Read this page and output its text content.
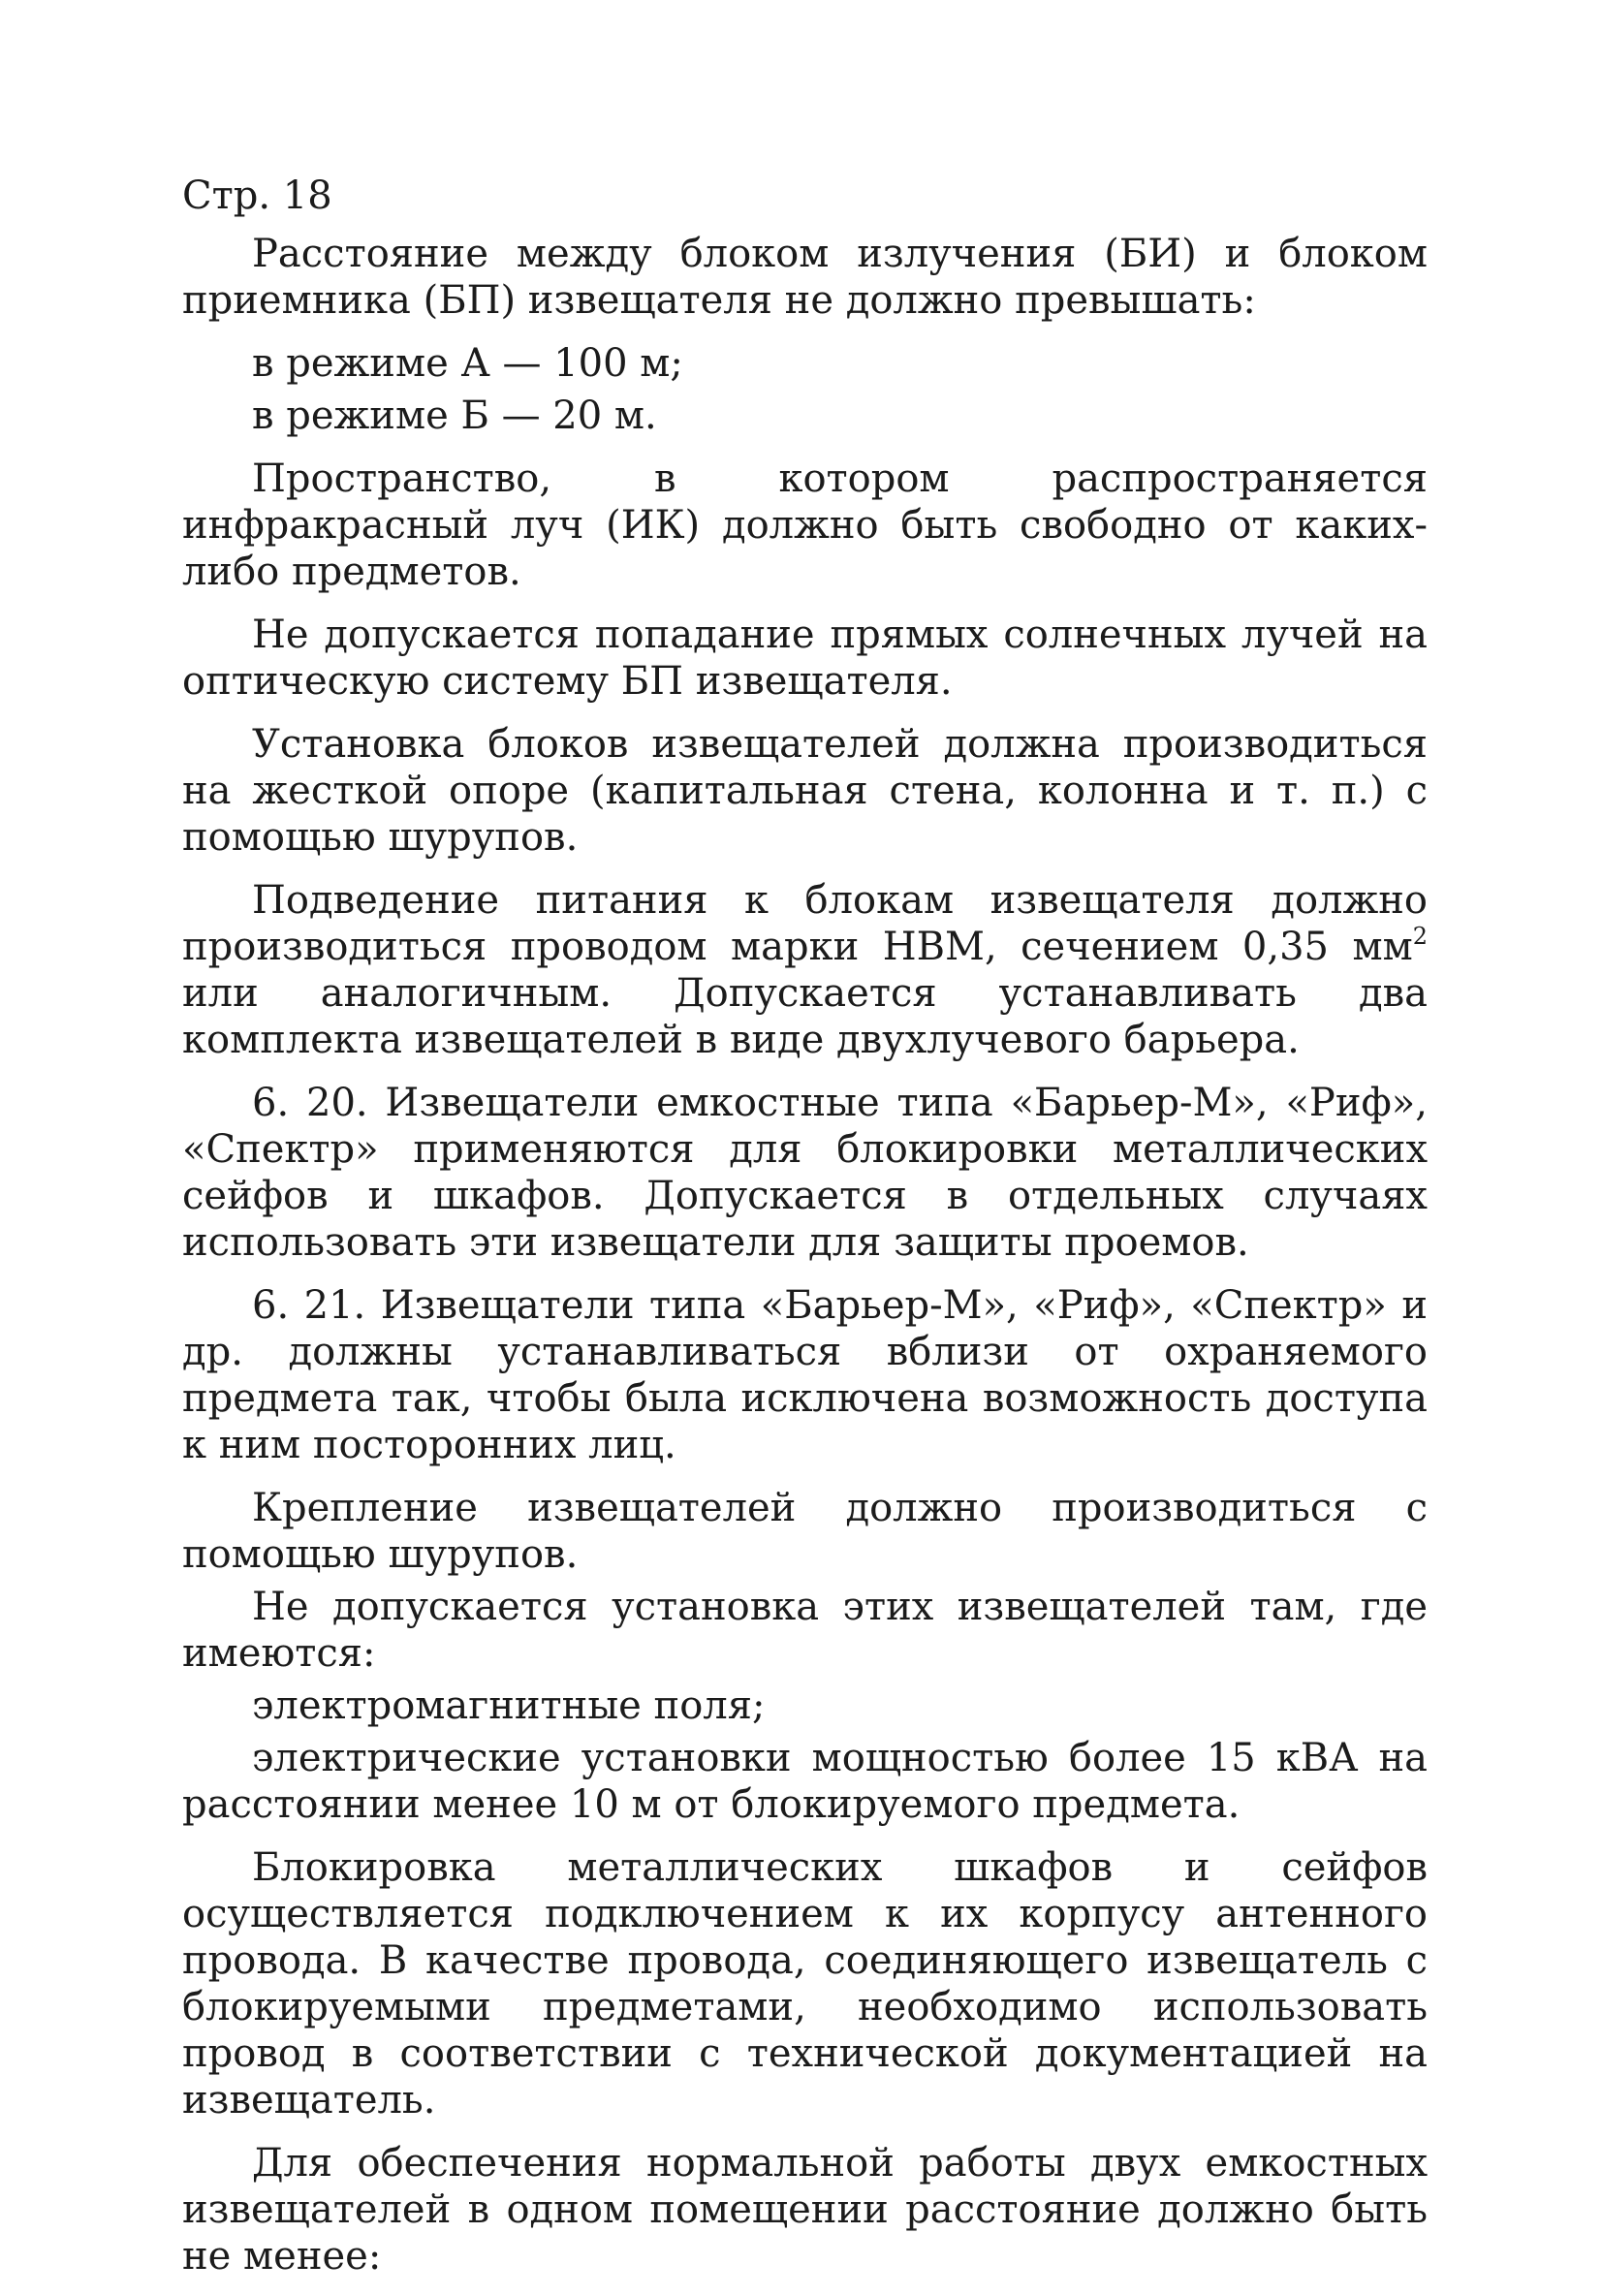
Стр. 18

Расстояние между блоком излучения (БИ) и блоком приемника (БП) извещателя не должно превышать:

в режиме А — 100 м;

в режиме Б — 20 м.

Пространство, в котором распространяется инфракрасный луч (ИК) должно быть свободно от каких-либо предметов.

Не допускается попадание прямых солнечных лучей на оптическую систему БП извещателя.

Установка блоков извещателей должна производиться на жесткой опоре (капитальная стена, колонна и т. п.) с помощью шурупов.

Подведение питания к блокам извещателя должно производиться проводом марки НВМ, сечением 0,35 $мм^2$ или аналогичным. Допускается устанавливать два комплекта извещателей в виде двухлучевого барьера.

6. 20. Извещатели емкостные типа «Барьер-М», «Риф», «Спектр» применяются для блокировки металлических сейфов и шкафов. Допускается в отдельных случаях использовать эти извещатели для защиты проемов.

6. 21. Извещатели типа «Барьер-М», «Риф», «Спектр» и др. должны устанавливаться вблизи от охраняемого предмета так, чтобы была исключена возможность доступа к ним посторонних лиц.

Крепление извещателей должно производиться с помощью шурупов.

Не допускается установка этих извещателей там, где имеются:

электромагнитные поля;

электрические установки мощностью более 15 кВА на расстоянии менее 10 м от блокируемого предмета.

Блокировка металлических шкафов и сейфов осуществляется подключением к их корпусу антенного провода. В качестве провода, соединяющего извещатель с блокируемыми предметами, необходимо использовать провод в соответствии с технической документацией на извещатель.

Для обеспечения нормальной работы двух емкостных извещателей в одном помещении расстояние должно быть не менее:
